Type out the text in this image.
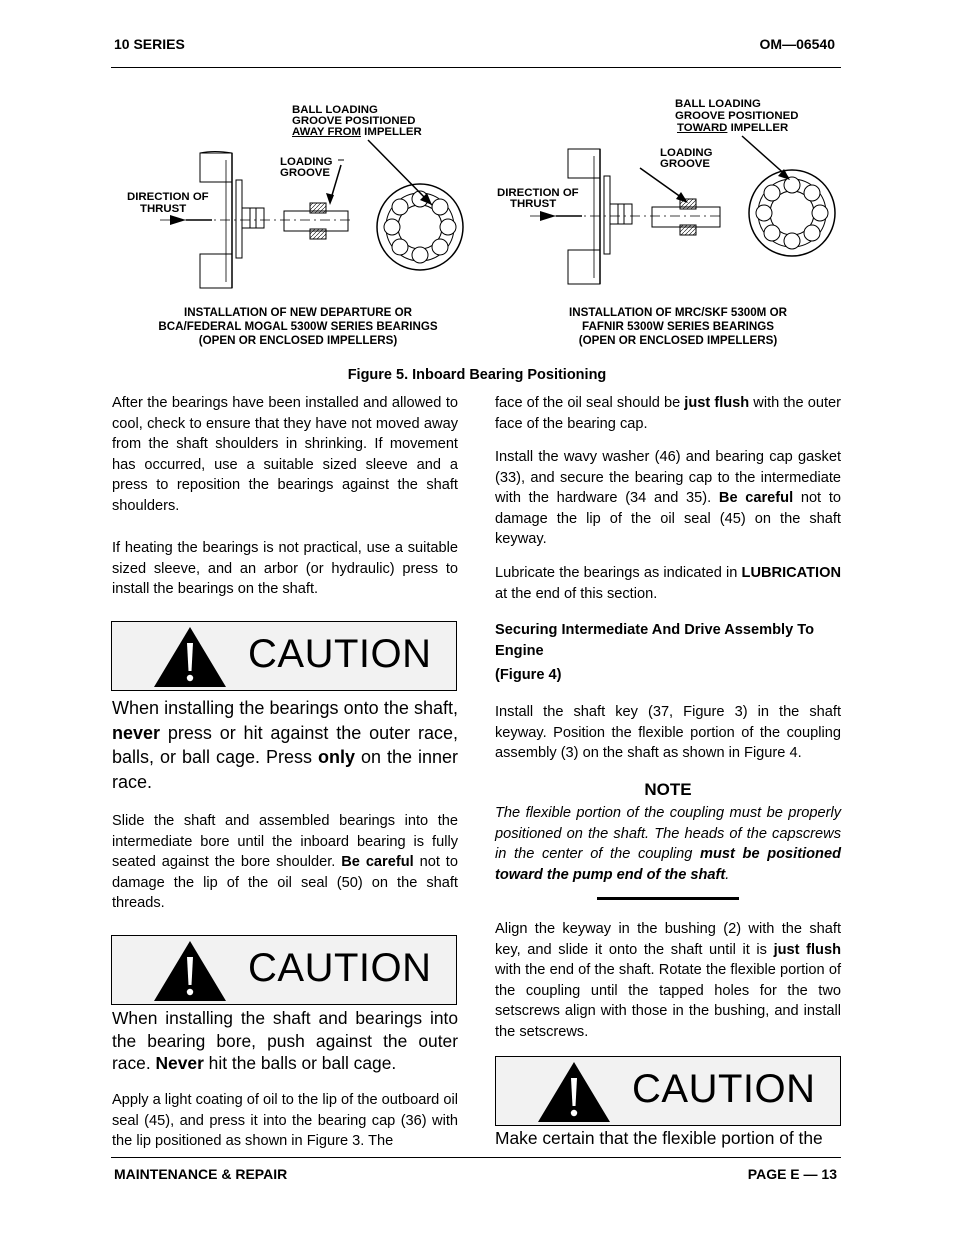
10 SERIES	OM—06540
BALL LOADING
GROOVE POSITIONED
AWAY FROM IMPELLER
LOADING
GROOVE
DIRECTION OF
THRUST
INSTALLATION OF NEW DEPARTURE OR
BCA/FEDERAL MOGAL 5300W SERIES BEARINGS
(OPEN OR ENCLOSED IMPELLERS)
BALL LOADING
GROOVE POSITIONED
TOWARD IMPELLER
LOADING
GROOVE
DIRECTION OF
THRUST
INSTALLATION OF MRC/SKF 5300M OR
FAFNIR 5300W SERIES BEARINGS
(OPEN OR ENCLOSED IMPELLERS)
Figure 5. Inboard Bearing Positioning

After the bearings have been installed and allowed to cool, check to ensure that they have not moved away from the shaft shoulders in shrinking. If movement has occurred, use a suitable sized sleeve and a press to reposition the bearings against the shaft shoulders.

If heating the bearings is not practical, use a suitable sized sleeve, and an arbor (or hydraulic) press to install the bearings on the shaft.

CAUTION

When installing the bearings onto the shaft, never press or hit against the outer race, balls, or ball cage. Press only on the inner race.

Slide the shaft and assembled bearings into the intermediate bore until the inboard bearing is fully seated against the bore shoulder. Be careful not to damage the lip of the oil seal (50) on the shaft threads.

CAUTION

When installing the shaft and bearings into the bearing bore, push against the outer race. Never hit the balls or ball cage.

Apply a light coating of oil to the lip of the outboard oil seal (45), and press it into the bearing cap (36) with the lip positioned as shown in Figure 3. The

face of the oil seal should be just flush with the outer face of the bearing cap.

Install the wavy washer (46) and bearing cap gasket (33), and secure the bearing cap to the intermediate with the hardware (34 and 35). Be careful not to damage the lip of the oil seal (45) on the shaft keyway.

Lubricate the bearings as indicated in LUBRICATION at the end of this section.

Securing Intermediate And Drive Assembly To Engine

(Figure 4)

Install the shaft key (37, Figure 3) in the shaft keyway. Position the flexible portion of the coupling assembly (3) on the shaft as shown in Figure 4.

NOTE

The flexible portion of the coupling must be properly positioned on the shaft. The heads of the capscrews in the center of the coupling must be positioned toward the pump end of the shaft.

Align the keyway in the bushing (2) with the shaft key, and slide it onto the shaft until it is just flush with the end of the shaft. Rotate the flexible portion of the coupling until the tapped holes for the two setscrews align with those in the bushing, and install the setscrews.

CAUTION

Make certain that the flexible portion of the

MAINTENANCE & REPAIR	PAGE E — 13
